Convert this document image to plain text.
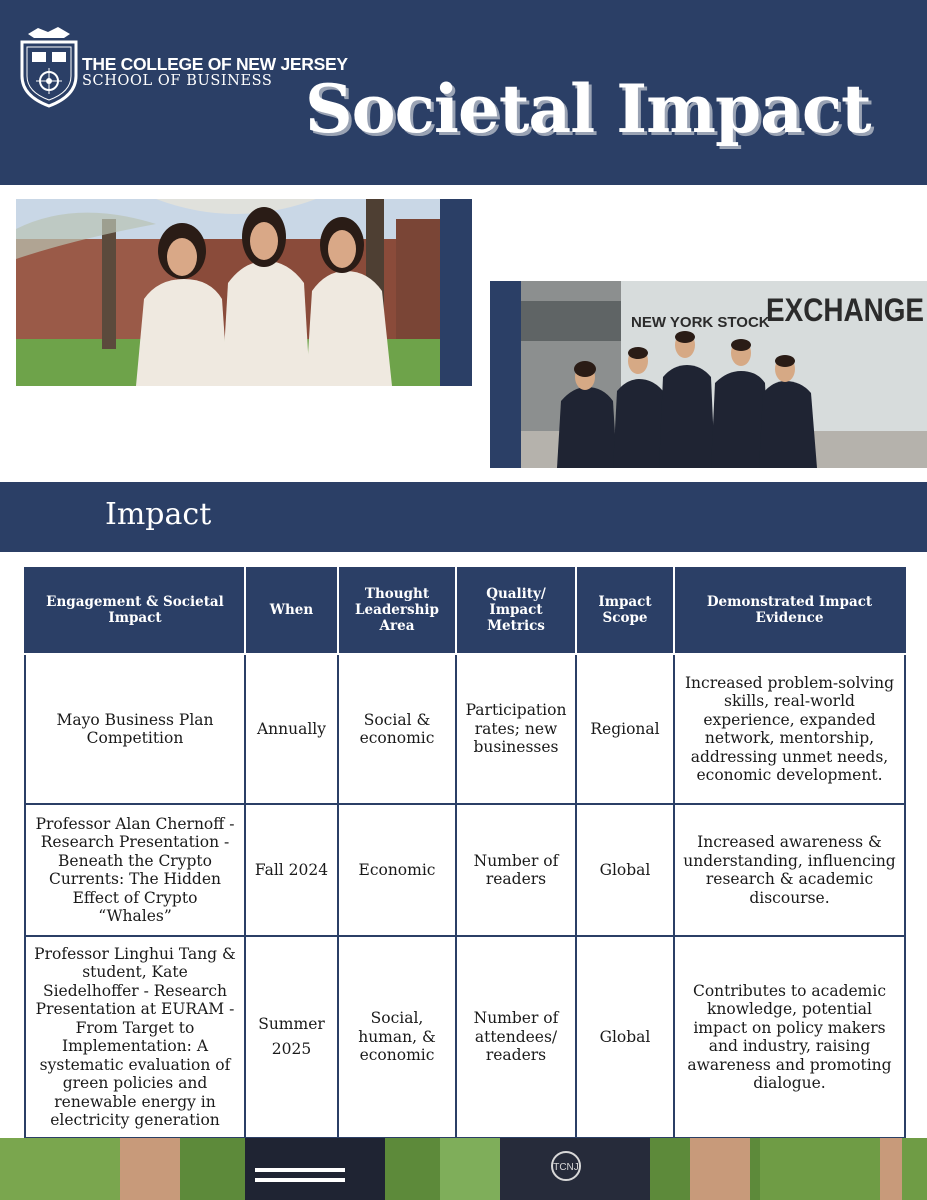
THE COLLEGE OF NEW JERSEY
SCHOOL OF BUSINESS Societal Impact
NEW YORK STOCK
EXCHANGE
Impact
Engagement & Societal Impact	When	Thought Leadership Area	Quality/ Impact Metrics	Impact Scope	Demonstrated Impact Evidence
Mayo Business Plan Competition	Annually	Social & economic	Participation rates; new businesses	Regional	Increased problem-solving skills, real-world experience, expanded network, mentorship, addressing unmet needs, economic development.
Professor Alan Chernoff - Research Presentation - Beneath the Crypto Currents: The Hidden Effect of Crypto “Whales”	Fall 2024	Economic	Number of readers	Global	Increased awareness & understanding, influencing research & academic discourse.
Professor Linghui Tang & student, Kate Siedelhoffer - Research Presentation at EURAM - From Target to Implementation: A systematic evaluation of green policies and renewable energy in electricity generation	Summer 2025	Social, human, & economic	Number of attendees/ readers	Global	Contributes to academic knowledge, potential impact on policy makers and industry, raising awareness and promoting dialogue.
TCNJ
